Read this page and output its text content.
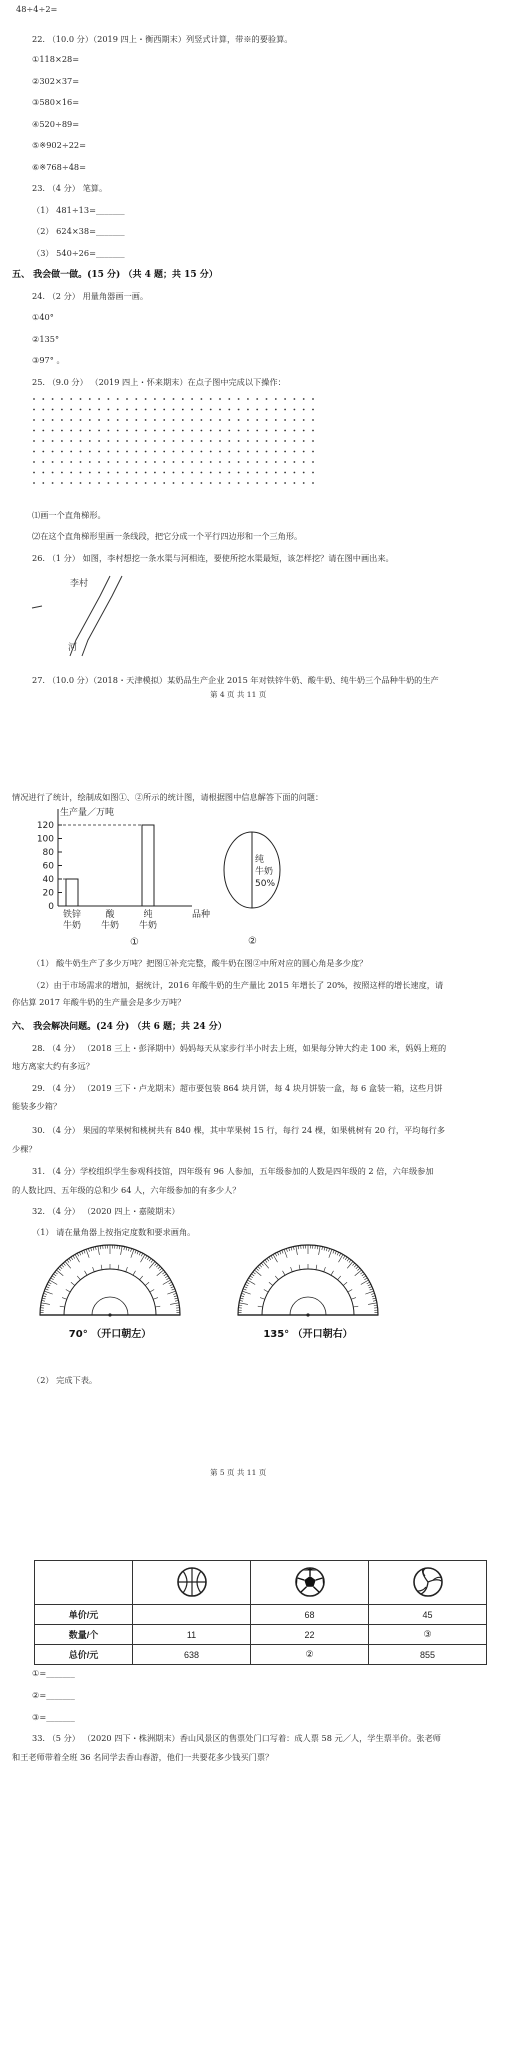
48÷4÷2=
22. （10.0 分）（2019 四上・衡西期末）列竖式计算，带※的要验算。
①118×28=
②302×37=
③580×16=
④520÷89=
⑤※902÷22=
⑥※768÷48=
23. （4 分） 笔算。
（1） 481÷13=_______
（2） 624×38=_______
（3） 540÷26=_______
五、 我会做一做。(15 分) （共 4 题；共 15 分）
24. （2 分） 用量角器画一画。
①40°
②135°
③97° 。
25. （9.0 分） （2019 四上・怀来期末）在点子图中完成以下操作：
⑴画一个直角梯形。
⑵在这个直角梯形里画一条线段，把它分成一个平行四边形和一个三角形。
26. （1 分） 如图，李村想挖一条水渠与河相连，要使所挖水渠最短，该怎样挖？请在图中画出来。
李村
河
27. （10.0 分）（2018・天津模拟）某奶品生产企业 2015 年对铁锌牛奶、酸牛奶、纯牛奶三个品种牛奶的生产
第 4 页 共 11 页
情况进行了统计，绘制成如图①、②所示的统计图，请根据图中信息解答下面的问题：
生产量／万吨
120
100
80
60
40
20
0
品种
铁锌
牛奶
酸
牛奶
纯
牛奶
①
纯
牛奶
50%
②
（1） 酸牛奶生产了多少万吨？把图①补充完整，酸牛奶在图②中所对应的圆心角是多少度？
（2）由于市场需求的增加，据统计，2016 年酸牛奶的生产量比 2015 年增长了 20%，按照这样的增长速度，请
你估算 2017 年酸牛奶的生产量会是多少万吨？
六、 我会解决问题。(24 分) （共 6 题；共 24 分）
28. （4 分） （2018 三上・彭泽期中）妈妈每天从家步行半小时去上班，如果每分钟大约走 100 米，妈妈上班的
地方离家大约有多远？
29. （4 分） （2019 三下・卢龙期末）超市要包装 864 块月饼，每 4 块月饼装一盒，每 6 盒装一箱，这些月饼
能装多少箱？
30. （4 分） 果园的苹果树和桃树共有 840 棵，其中苹果树 15 行，每行 24 棵，如果桃树有 20 行，平均每行多
少棵？
31. （4 分）学校组织学生参观科技馆，四年级有 96 人参加，五年级参加的人数是四年级的 2 倍，六年级参加
的人数比四、五年级的总和少 64 人，六年级参加的有多少人？
32. （4 分） （2020 四上・嘉陵期末）
（1） 请在量角器上按指定度数和要求画角。
70° （开口朝左）	135° （开口朝右）
（2） 完成下表。
第 5 页 共 11 页

单价/元		68	45
数量/个	11	22	③
总价/元	638	②	855
①=_______
②=_______
③=_______
33. （5 分） （2020 四下・株洲期末）香山风景区的售票处门口写着：成人票 58 元／人，学生票半价。张老师
和王老师带着全班 36 名同学去香山春游，他们一共要花多少钱买门票？
